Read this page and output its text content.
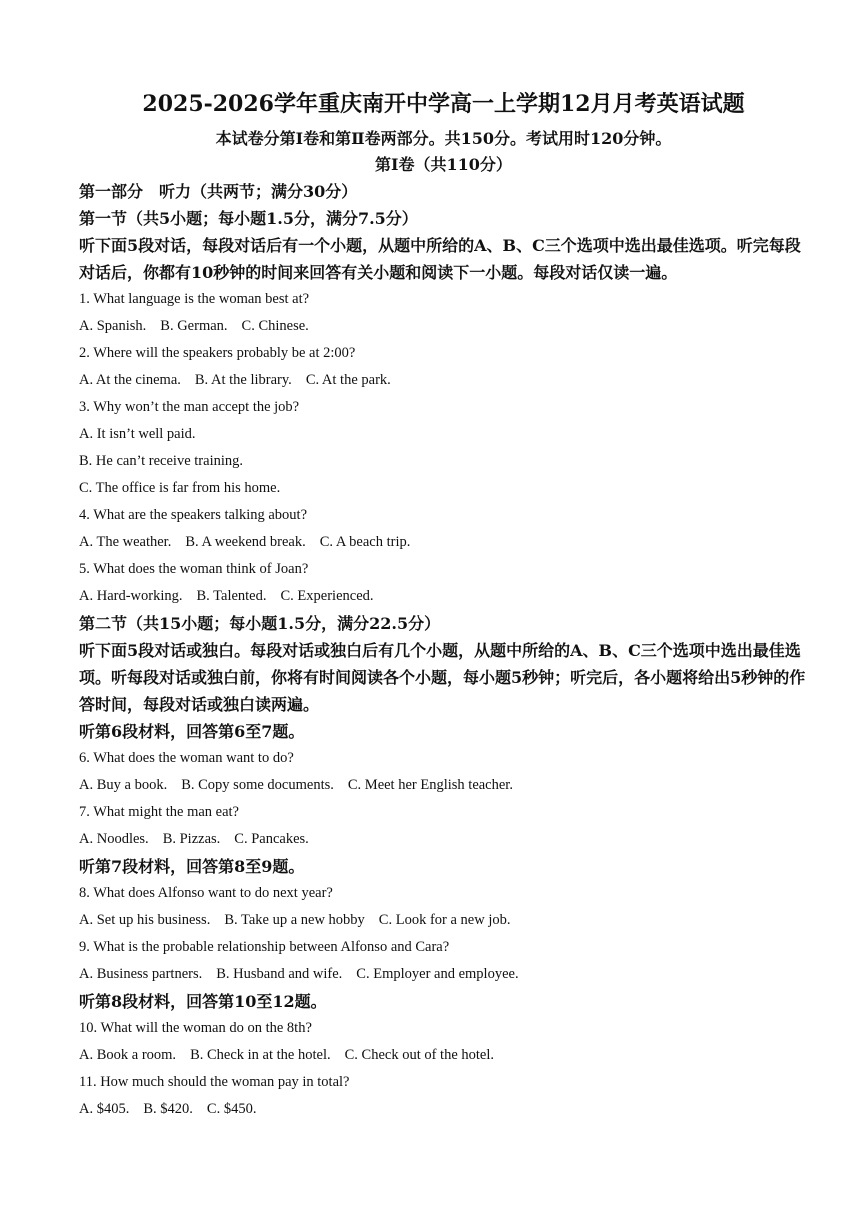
2025-2026学年重庆南开中学高一上学期12月月考英语试题

本试卷分第Ⅰ卷和第Ⅱ卷两部分。共150分。考试用时120分钟。

第Ⅰ卷（共110分）

第一部分　听力（共两节；满分30分）

第一节（共5小题；每小题1.5分，满分7.5分）

听下面5段对话，每段对话后有一个小题，从题中所给的A、B、C三个选项中选出最佳选项。听完每段对话后，你都有10秒钟的时间来回答有关小题和阅读下一小题。每段对话仅读一遍。

1. What language is the woman best at?

A. Spanish. B. German. C. Chinese.

2. Where will the speakers probably be at 2:00?

A. At the cinema. B. At the library. C. At the park.

3. Why won’t the man accept the job?

A. It isn’t well paid.

B. He can’t receive training.

C. The office is far from his home.

4. What are the speakers talking about?

A. The weather. B. A weekend break. C. A beach trip.

5. What does the woman think of Joan?

A. Hard-working. B. Talented. C. Experienced.

第二节（共15小题；每小题1.5分，满分22.5分）

听下面5段对话或独白。每段对话或独白后有几个小题，从题中所给的A、B、C三个选项中选出最佳选项。听每段对话或独白前，你将有时间阅读各个小题，每小题5秒钟；听完后，各小题将给出5秒钟的作答时间，每段对话或独白读两遍。

听第6段材料，回答第6至7题。

6. What does the woman want to do?

A. Buy a book. B. Copy some documents. C. Meet her English teacher.

7. What might the man eat?

A. Noodles. B. Pizzas. C. Pancakes.

听第7段材料，回答第8至9题。

8. What does Alfonso want to do next year?

A. Set up his business. B. Take up a new hobby C. Look for a new job.

9. What is the probable relationship between Alfonso and Cara?

A. Business partners. B. Husband and wife. C. Employer and employee.

听第8段材料，回答第10至12题。

10. What will the woman do on the 8th?

A. Book a room. B. Check in at the hotel. C. Check out of the hotel.

11. How much should the woman pay in total?

A. $405. B. $420. C. $450.
